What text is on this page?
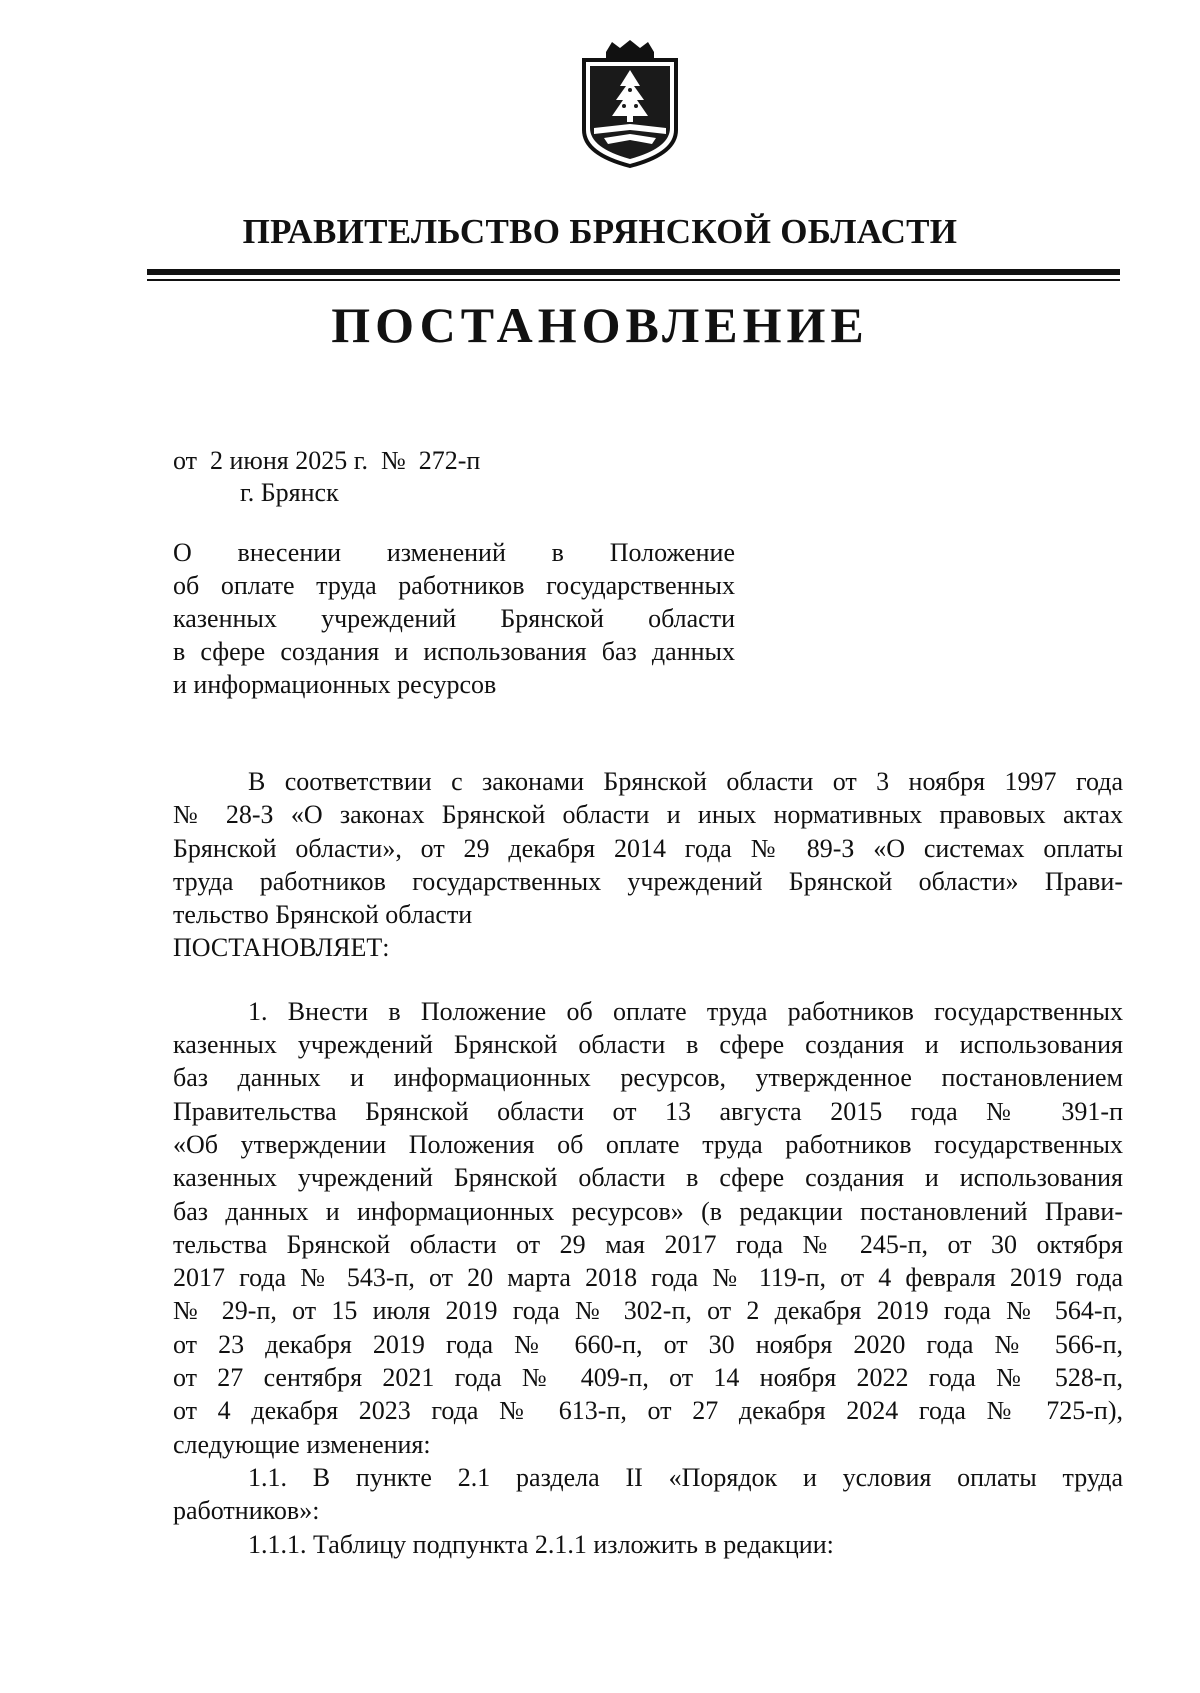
ПРАВИТЕЛЬСТВО БРЯНСКОЙ ОБЛАСТИ
ПОСТАНОВЛЕНИЕ
от  2 июня 2025 г.  №  272-п
г. Брянск
О внесении изменений в Положение
об оплате труда работников государственных
казенных учреждений Брянской области
в сфере создания и использования баз данных
и информационных ресурсов
В соответствии с законами Брянской области от 3 ноября 1997 года
№ 28-З «О законах Брянской области и иных нормативных правовых актах
Брянской области», от 29 декабря 2014 года № 89-З «О системах оплаты
труда работников государственных учреждений Брянской области» Прави-
тельство Брянской области
ПОСТАНОВЛЯЕТ:
1. Внести в Положение об оплате труда работников государственных
казенных учреждений Брянской области в сфере создания и использования
баз данных и информационных ресурсов, утвержденное постановлением
Правительства Брянской области от 13 августа 2015 года № 391-п
«Об утверждении Положения об оплате труда работников государственных
казенных учреждений Брянской области в сфере создания и использования
баз данных и информационных ресурсов» (в редакции постановлений Прави-
тельства Брянской области от 29 мая 2017 года № 245-п, от 30 октября
2017 года № 543-п, от 20 марта 2018 года № 119-п, от 4 февраля 2019 года
№ 29-п, от 15 июля 2019 года № 302-п, от 2 декабря 2019 года № 564-п,
от 23 декабря 2019 года № 660-п, от 30 ноября 2020 года № 566-п,
от 27 сентября 2021 года № 409-п, от 14 ноября 2022 года № 528-п,
от 4 декабря 2023 года № 613-п, от 27 декабря 2024 года № 725-п),
следующие изменения:
1.1. В пункте 2.1 раздела II «Порядок и условия оплаты труда
работников»:
1.1.1. Таблицу подпункта 2.1.1 изложить в редакции:
